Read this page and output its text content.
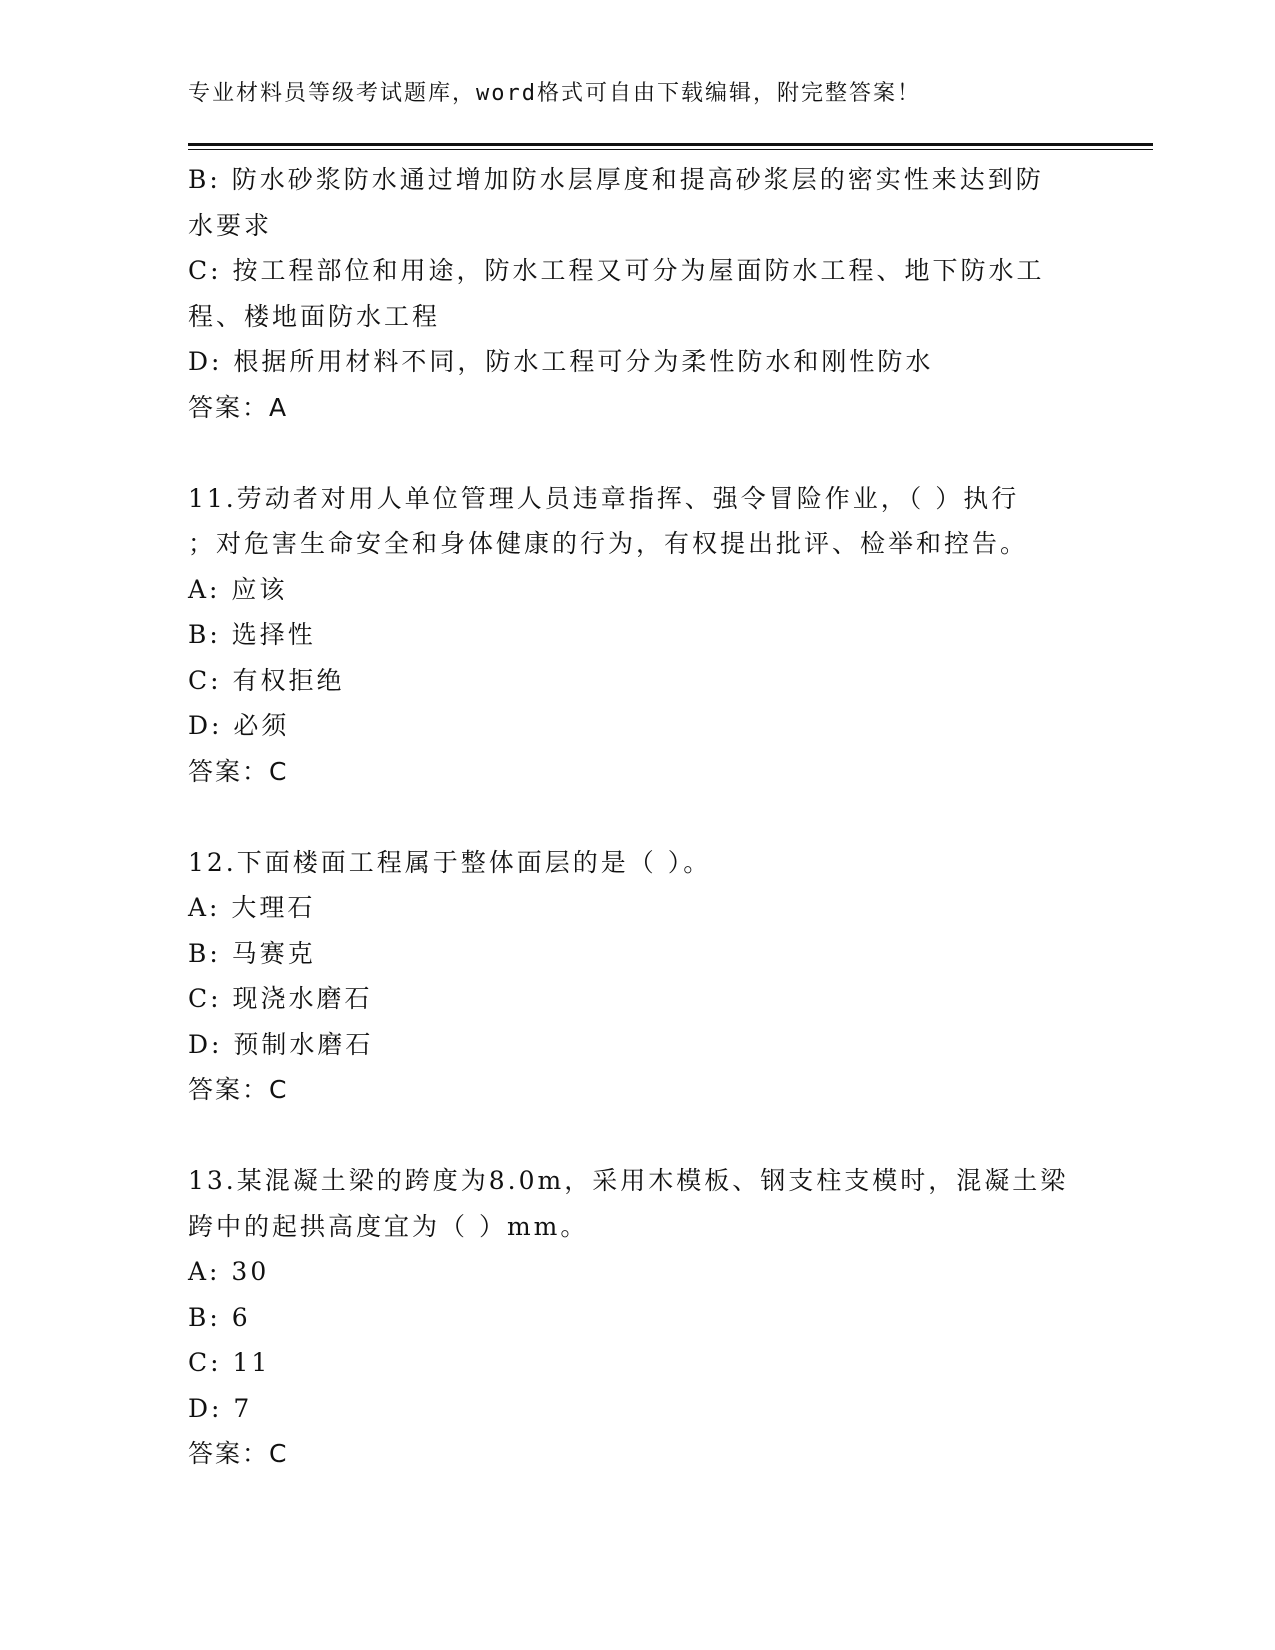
专业材料员等级考试题库，word格式可自由下载编辑，附完整答案！
B: 防水砂浆防水通过增加防水层厚度和提高砂浆层的密实性来达到防
水要求
C: 按工程部位和用途，防水工程又可分为屋面防水工程、地下防水工
程、楼地面防水工程
D: 根据所用材料不同，防水工程可分为柔性防水和刚性防水
答案：A
11.劳动者对用人单位管理人员违章指挥、强令冒险作业，（ ）执行
；对危害生命安全和身体健康的行为，有权提出批评、检举和控告。
A: 应该
B: 选择性
C: 有权拒绝
D: 必须
答案：C
12.下面楼面工程属于整体面层的是（ ）。
A: 大理石
B: 马赛克
C: 现浇水磨石
D: 预制水磨石
答案：C
13.某混凝土梁的跨度为8.0m，采用木模板、钢支柱支模时，混凝土梁
跨中的起拱高度宜为（ ）mm。
A: 30
B: 6
C: 11
D: 7
答案：C
